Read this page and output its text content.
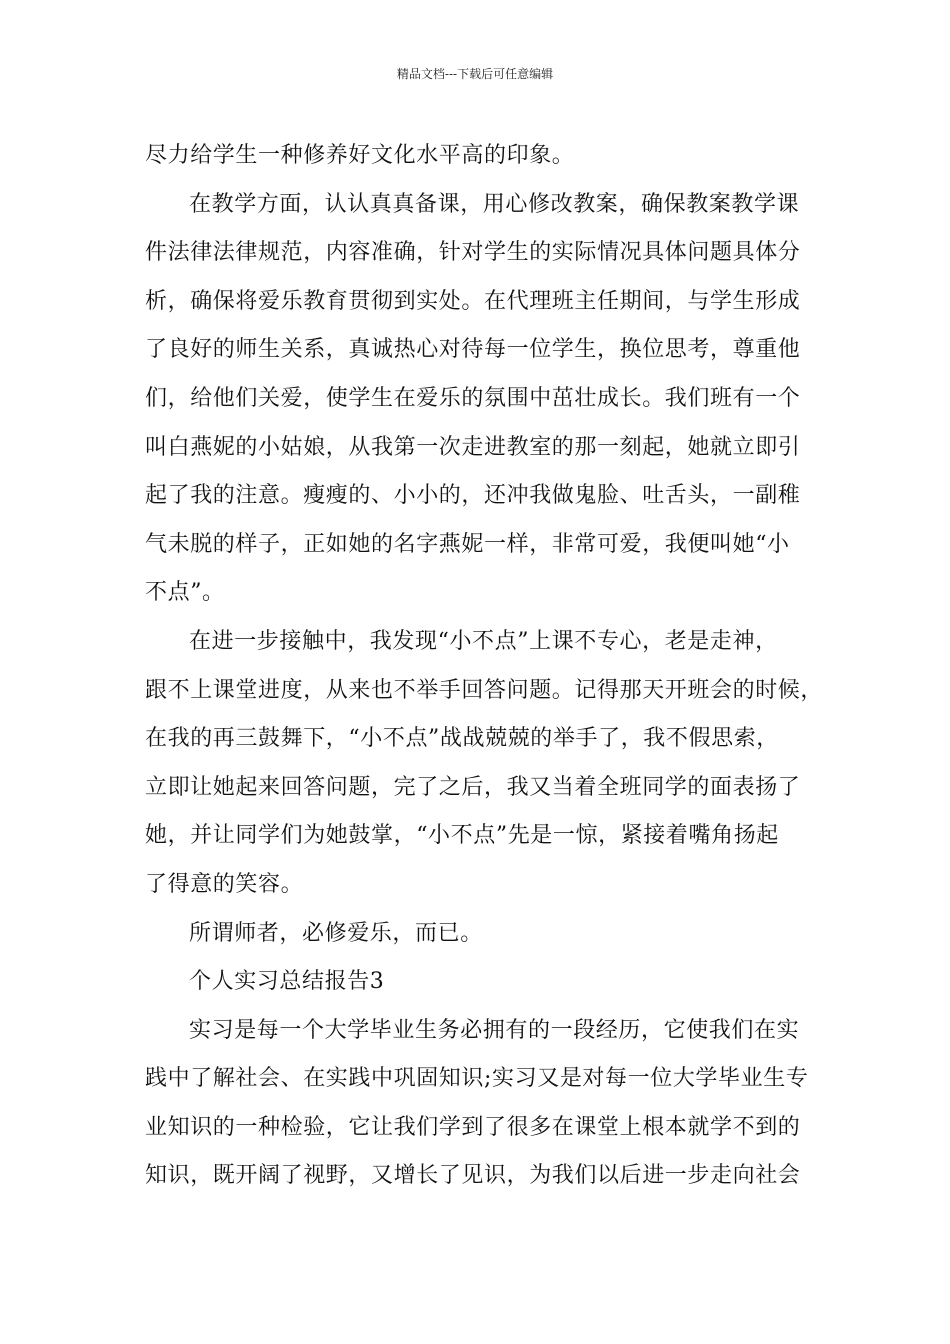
精品文档---下载后可任意编辑
尽力给学生一种修养好文化水平高的印象。
在教学方面，认认真真备课，用心修改教案，确保教案教学课
件法律法律规范，内容准确，针对学生的实际情况具体问题具体分
析，确保将爱乐教育贯彻到实处。在代理班主任期间，与学生形成
了良好的师生关系，真诚热心对待每一位学生，换位思考，尊重他
们，给他们关爱，使学生在爱乐的氛围中茁壮成长。我们班有一个
叫白燕妮的小姑娘，从我第一次走进教室的那一刻起，她就立即引
起了我的注意。瘦瘦的、小小的，还冲我做鬼脸、吐舌头，一副稚
气未脱的样子，正如她的名字燕妮一样，非常可爱，我便叫她“小
不点”。
在进一步接触中，我发现“小不点”上课不专心，老是走神，
跟不上课堂进度，从来也不举手回答问题。记得那天开班会的时候，
在我的再三鼓舞下，“小不点”战战兢兢的举手了，我不假思索，
立即让她起来回答问题，完了之后，我又当着全班同学的面表扬了
她，并让同学们为她鼓掌，“小不点”先是一惊，紧接着嘴角扬起
了得意的笑容。
所谓师者，必修爱乐，而已。
个人实习总结报告3
实习是每一个大学毕业生务必拥有的一段经历，它使我们在实
践中了解社会、在实践中巩固知识;实习又是对每一位大学毕业生专
业知识的一种检验，它让我们学到了很多在课堂上根本就学不到的
知识，既开阔了视野，又增长了见识，为我们以后进一步走向社会
